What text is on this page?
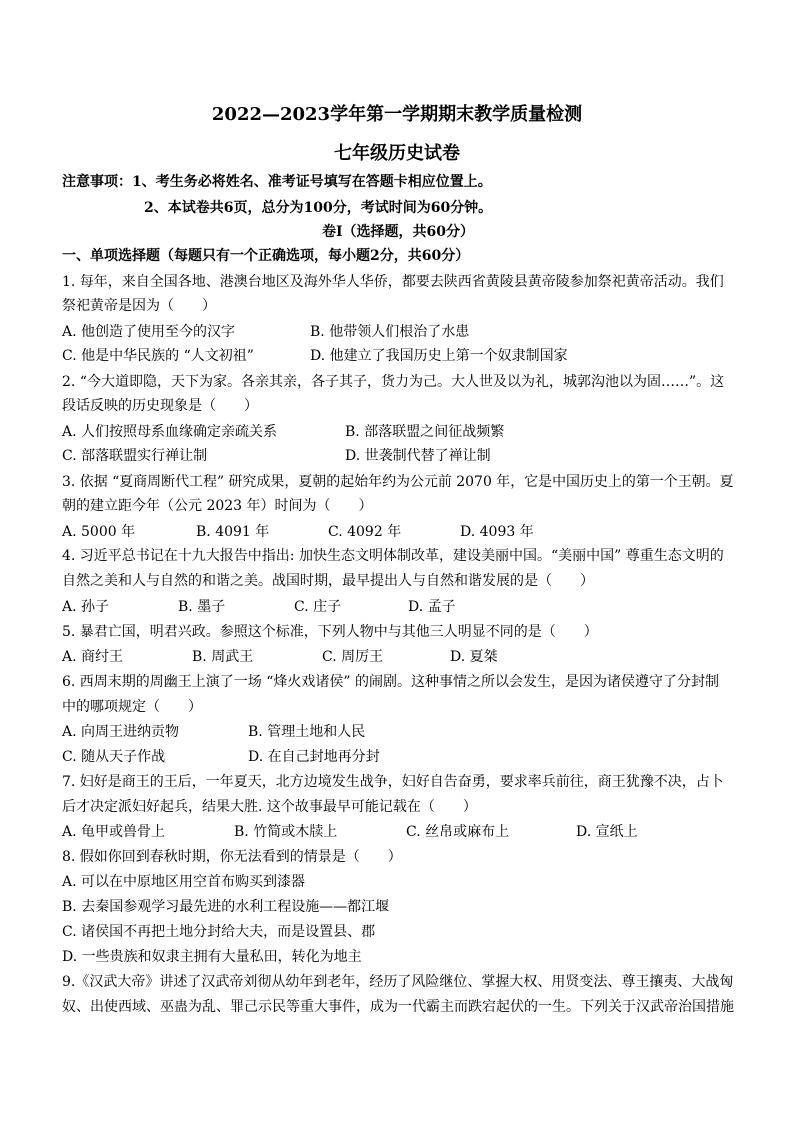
2022—2023学年第一学期期末教学质量检测
七年级历史试卷
注意事项：1、考生务必将姓名、准考证号填写在答题卡相应位置上。
2、本试卷共6页，总分为100分，考试时间为60分钟。
卷Ⅰ（选择题，共60分）
一、单项选择题（每题只有一个正确选项，每小题2分，共60分）
1. 每年，来自全国各地、港澳台地区及海外华人华侨，都要去陕西省黄陵县黄帝陵参加祭祀黄帝活动。我们
祭祀黄帝是因为（　　）
A. 他创造了使用至今的汉字	B. 他带领人们根治了水患
C. 他是中华民族的 “人文初祖”	D. 他建立了我国历史上第一个奴隶制国家
2. “今大道即隐，天下为家。各亲其亲，各子其子，货力为己。大人世及以为礼，城郭沟池以为固……”。这
段话反映的历史现象是（　　）
A. 人们按照母系血缘确定亲疏关系	B. 部落联盟之间征战频繁
C. 部落联盟实行禅让制	D. 世袭制代替了禅让制
3. 依据 “夏商周断代工程” 研究成果，夏朝的起始年约为公元前 2070 年，它是中国历史上的第一个王朝。夏
朝的建立距今年（公元 2023 年）时间为（　　）
A. 5000 年	B. 4091 年	C. 4092 年	D. 4093 年
4. 习近平总书记在十九大报告中指出: 加快生态文明体制改革，建设美丽中国。“美丽中国” 尊重生态文明的
自然之美和人与自然的和谐之美。战国时期，最早提出人与自然和谐发展的是（　　）
A. 孙子	B. 墨子	C. 庄子	D. 孟子
5. 暴君亡国，明君兴政。参照这个标准，下列人物中与其他三人明显不同的是（　　）
A. 商纣王	B. 周武王	C. 周厉王	D. 夏桀
6. 西周末期的周幽王上演了一场 “烽火戏诸侯” 的闹剧。这种事情之所以会发生，是因为诸侯遵守了分封制
中的哪项规定（　　）
A. 向周王进纳贡物	B. 管理土地和人民
C. 随从天子作战	D. 在自己封地再分封
7. 妇好是商王的王后，一年夏天，北方边境发生战争，妇好自告奋勇，要求率兵前往，商王犹豫不决，占卜
后才决定派妇好起兵，结果大胜. 这个故事最早可能记载在（　　）
A. 龟甲或兽骨上	B. 竹简或木牍上	C. 丝帛或麻布上	D. 宣纸上
8. 假如你回到春秋时期，你无法看到的情景是（　　）
A. 可以在中原地区用空首布购买到漆器
B. 去秦国参观学习最先进的水利工程设施——都江堰
C. 诸侯国不再把土地分封给大夫，而是设置县、郡
D. 一些贵族和奴隶主拥有大量私田，转化为地主
9.《汉武大帝》讲述了汉武帝刘彻从幼年到老年，经历了风险继位、掌握大权、用贤变法、尊王攘夷、大战匈
奴、出使西域、巫蛊为乱、罪己示民等重大事件，成为一代霸主而跌宕起伏的一生。下列关于汉武帝治国措施
